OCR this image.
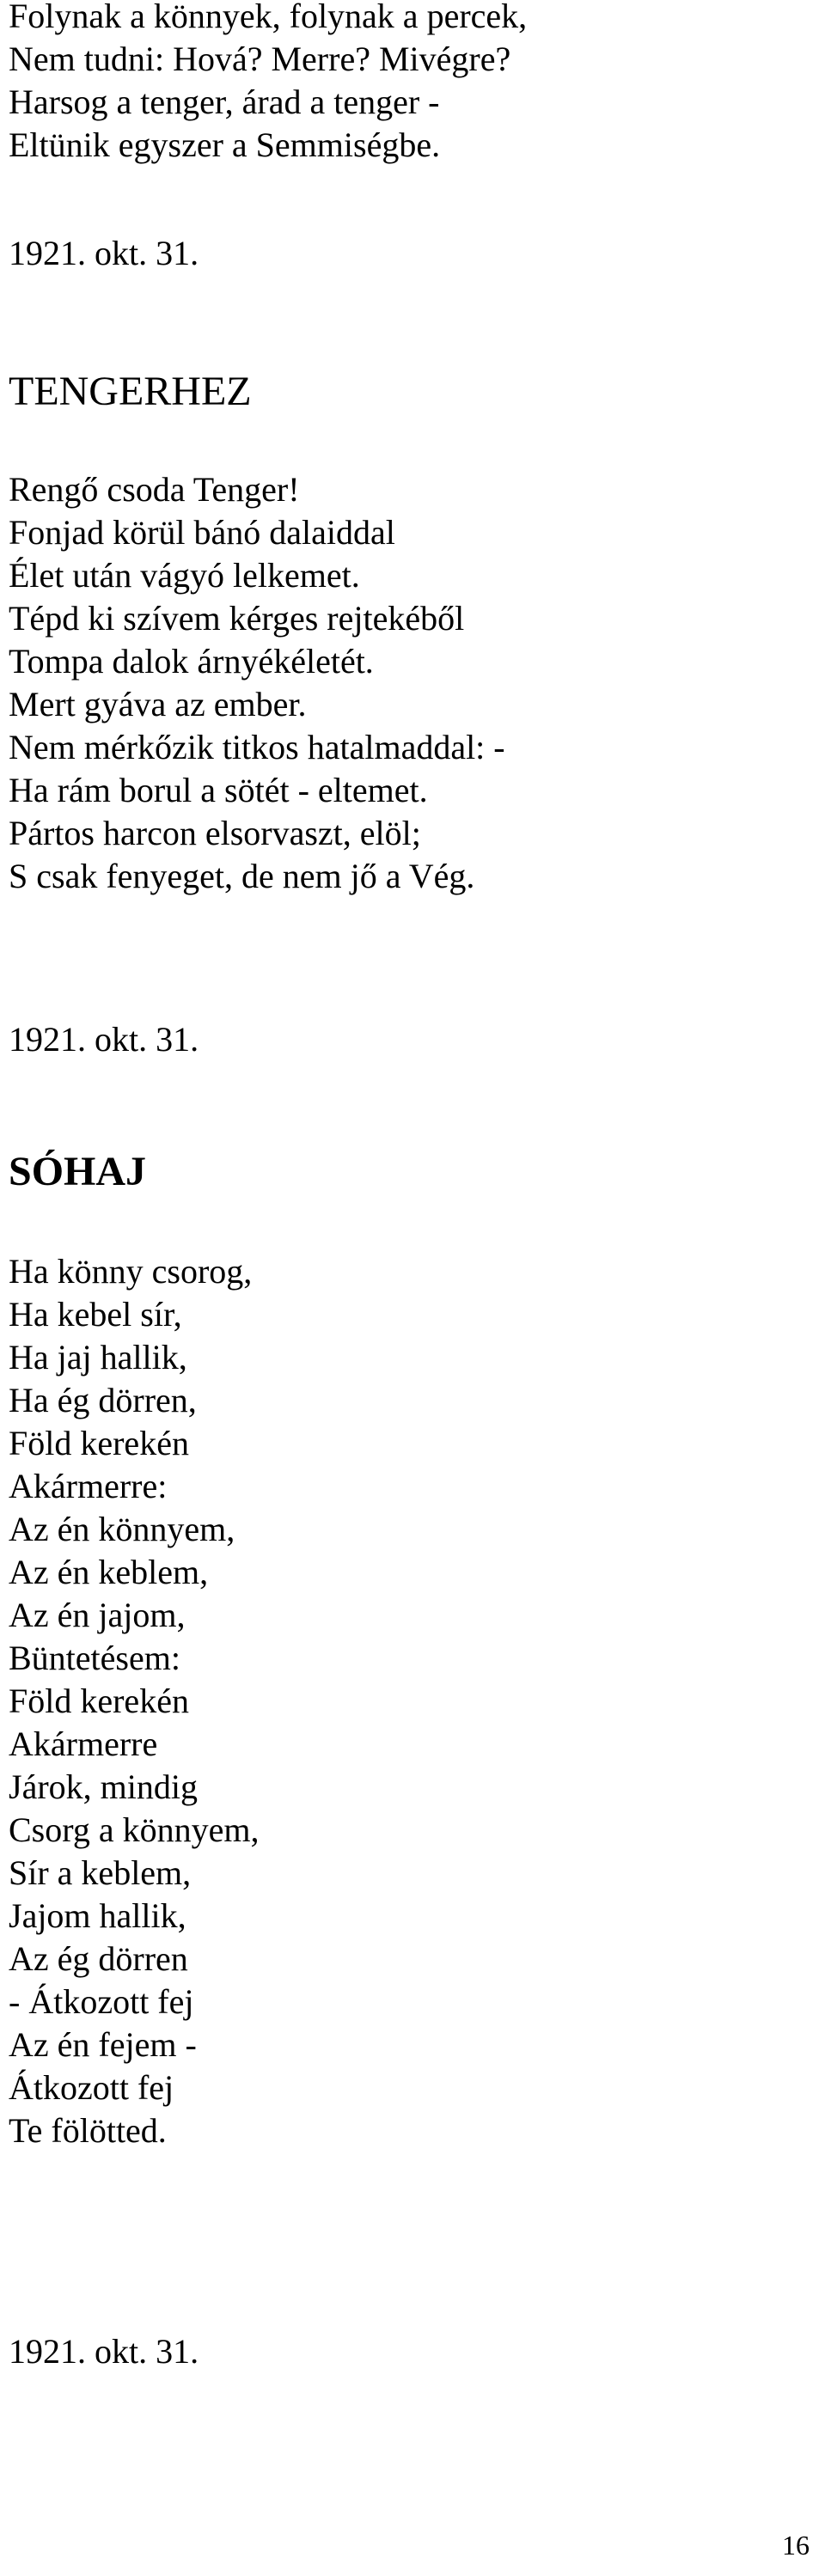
Folynak a könnyek, folynak a percek,
Nem tudni: Hová? Merre? Mivégre?
Harsog a tenger, árad a tenger -
Eltünik egyszer a Semmiségbe.
1921. okt. 31.
TENGERHEZ
Rengő csoda Tenger!
Fonjad körül bánó dalaiddal
Élet után vágyó lelkemet.
Tépd ki szívem kérges rejtekéből
Tompa dalok árnyékéletét.
Mert gyáva az ember.
Nem mérkőzik titkos hatalmaddal: -
Ha rám borul a sötét - eltemet.
Pártos harcon elsorvaszt, elöl;
S csak fenyeget, de nem jő a Vég.
1921. okt. 31.
SÓHAJ
Ha könny csorog,
Ha kebel sír,
Ha jaj hallik,
Ha ég dörren,
Föld kerekén
Akármerre:
Az én könnyem,
Az én keblem,
Az én jajom,
Büntetésem:
Föld kerekén
Akármerre
Járok, mindig
Csorg a könnyem,
Sír a keblem,
Jajom hallik,
Az ég dörren
- Átkozott fej
Az én fejem -
Átkozott fej
Te fölötted.
1921. okt. 31.
16
